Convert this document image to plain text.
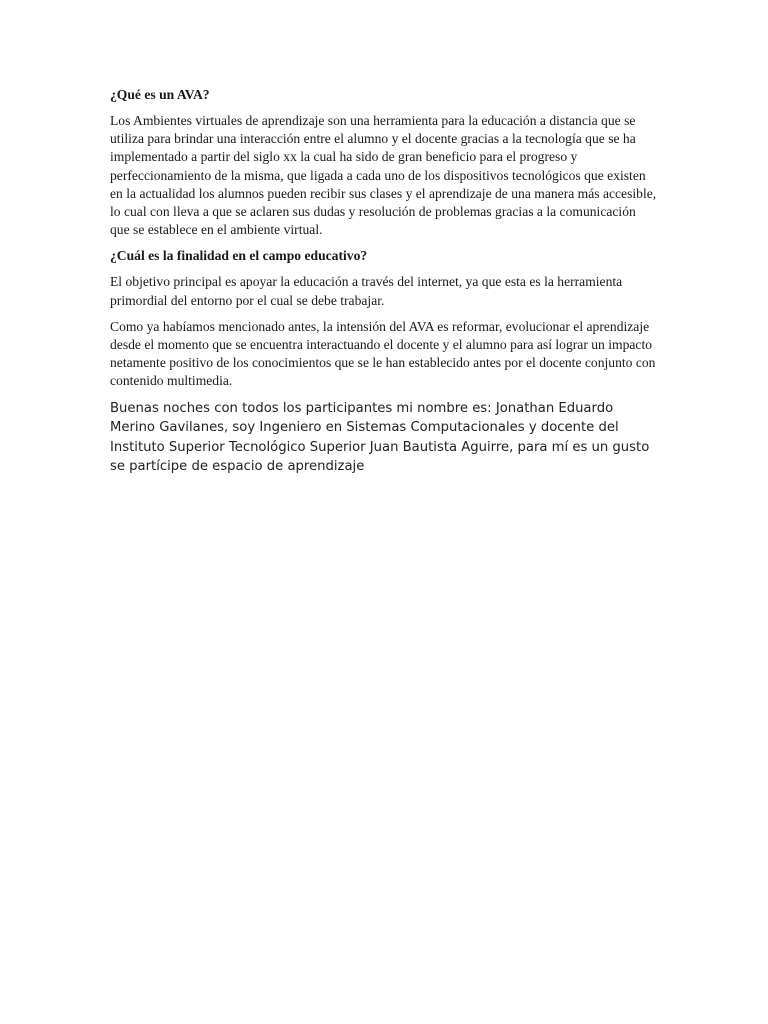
¿Qué es un AVA?

Los Ambientes virtuales de aprendizaje son una herramienta para la educación a distancia que se utiliza para brindar una interacción entre el alumno y el docente gracias a la tecnología que se ha implementado a partir del siglo xx la cual ha sido de gran beneficio para el progreso y perfeccionamiento de la misma, que ligada a cada uno de los dispositivos tecnológicos que existen en la actualidad los alumnos pueden recibir sus clases y el aprendizaje de una manera más accesible, lo cual con lleva a que se aclaren sus dudas y resolución de problemas gracias a la comunicación que se establece en el ambiente virtual.

¿Cuál es la finalidad en el campo educativo?

El objetivo principal es apoyar la educación a través del internet, ya que esta es la herramienta primordial del entorno por el cual se debe trabajar.

Como ya habíamos mencionado antes, la intensión del AVA es reformar, evolucionar el aprendizaje desde el momento que se encuentra interactuando el docente y el alumno para así lograr un impacto netamente positivo de los conocimientos que se le han establecido antes por el docente conjunto con contenido multimedia.

Buenas noches con todos los participantes mi nombre es: Jonathan Eduardo Merino Gavilanes, soy Ingeniero en Sistemas Computacionales y docente del Instituto Superior Tecnológico Superior Juan Bautista Aguirre, para mí es un gusto se partícipe de espacio de aprendizaje
